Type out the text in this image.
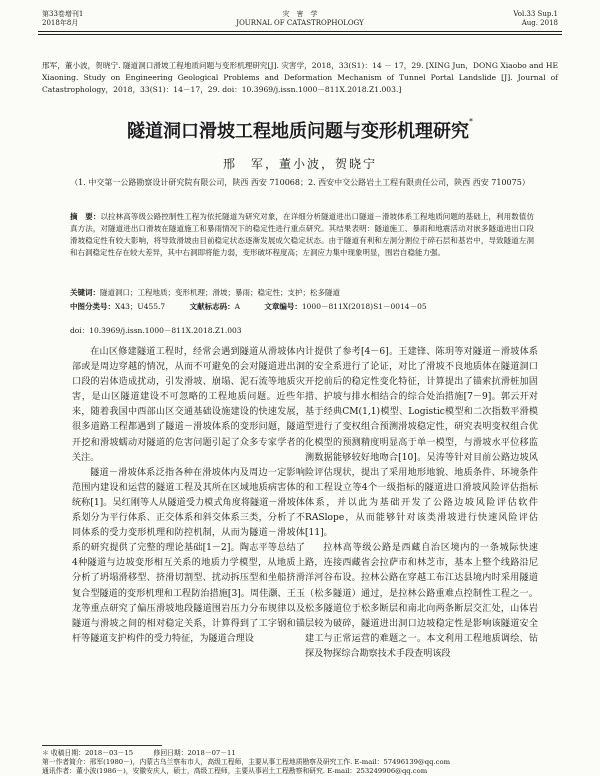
第33卷增刊1
2018年8月
灾　害　学
JOURNAL OF CATASTROPHOLOGY
Vol.33 Sup.1
Aug. 2018
邢军，董小波，贺晓宁. 隧道洞口滑坡工程地质问题与变形机理研究[J]. 灾害学，2018，33(S1)：14 － 17，29. [XING Jun，DONG Xiaobo and HE Xiaoning. Study on Engineering Geological Problems and Deformation Mechanism of Tunnel Portal Landslide [J]. Journal of Catastrophology，2018，33(S1)：14－17，29. doi：10.3969/j.issn.1000－811X.2018.Z1.003.]
隧道洞口滑坡工程地质问题与变形机理研究*
邢　军，董小波，贺晓宁
（1. 中交第一公路勘察设计研究院有限公司，陕西 西安 710068；2. 西安中交公路岩土工程有限责任公司，陕西 西安 710075）
摘　要：以拉林高等级公路控制性工程为依托隧道为研究对象，在详细分析隧道进出口隧道－滑坡体系工程地质问题的基础上，利用数值仿真方法，对隧道进出口滑坡在隧道施工和暴雨情况下的稳定性进行重点研究。其结果表明：隧道施工、暴雨和地震活动对嵌多隧道进出口段滑坡稳定性有较大影响，将导致滑坡由目前稳定状态逐渐发展成欠稳定状态。由于隧道有利和左洞分割位于碎石层和基岩中，导致隧道左洞和右洞稳定性存在较大差异，其中右洞即将能力弱，变形破坏程度高；左洞应力集中现象明显，围岩自稳能力强。
关键词：隧道洞口；工程地质；变形机理；滑坡；暴雨；稳定性；支护；松多隧道
中图分类号：X43；U455.7	文献标志码：A	文章编号：1000－811X(2018)S1－0014－05
doi：10.3969/j.issn.1000－811X.2018.Z1.003

在山区修建隧道工程时，经常会遇到隧道从滑坡体内部或是周边穿越的情况，从而不可避免的会对隧道进出洞口段的岩体造成扰动，引发滑坡、崩塌、泥石流等地质灾害，是山区隧道建设不可忽略的工程地质问题。近些年来，随着我国中西部山区交通基础设施建设的快速发展，很多道路工程都遇到了隧道－滑坡体系的变形问题，隧道开挖和滑坡蠕动对隧道的危害问题引起了众多专家学者的关注。

隧道－滑坡体系泛指各种在滑坡体内及周边一定影响范围内建设和运营的隧道工程及其所在区域地质病害体的统称[1]。吴红刚等人从隧道受力模式角度将隧道－滑坡体系划分为平行体系、正交体系和斜交体系三类，分析了不同体系的受力变形机理和防控机制，从而为隧道－滑坡体系的研究提供了完整的理论基础[1－2]。陶志平等总结了4种隧道与边坡变形相互关系的地质力学模型，从地质上分析了坍塌滑移型、挤滑切割型、扰动拆压型和坐船挤滑复合型隧道的变形机理和工程防治措施[3]。周佳灏、王玉龙等重点研究了偏压滑坡地段隧道围岩压力分布规律以及隧道与滑坡之间的相对稳定关系，计算得到了工字钢和锚杆等隧道支护构件的受力特征，为隧道合理设

计提供了参考[4－6]。王建锋、陈玥等对隧道－滑坡体系的安全系进行了论证，对比了滑坡不良地质体在隧道洞口开挖前后的稳定性变化特征，计算提出了锚索抗滑桩加固措、护坡与排水相结合的综合处治措施[7－9]。郭云开对基于经典CM(1,1)模型、Logistic模型和二次指数平滑模型进行了变权组合预测滑坡稳定性，研究表明变权组合优化模型的预测精度明显高于单一模型，与滑坡水平位移监测数据能够较好地吻合[10]。吴涛等针对目前公路边坡风险评估现状，提出了采用地形地貌、地质条件、环境条件和工程设立等4个一级指标的隧道进口滑坡风险评估指标体系，并以此为基础开发了公路边坡风险评估软件RASlope，从而能够针对该类滑坡进行快速风险评估[11]。

拉林高等级公路是西藏自治区境内的一条城际快速路，连接西藏省会拉萨市和林芝市，基本上整个线路沿尼洋河谷布设。拉林公路在穿越工布江达县境内时采用隧道（松多隧道）通过，是拉林公路重难点控制性工程之一。松多隧道位于松多断层和南北向两条断层交汇处，山体岩层较为破碎，隧道进出洞口边坡稳定性是影响该隧道安全建工与正常运营的难题之一。本文利用工程地质调绘、钻探及物探综合勘察技术手段查明该段

＊ 收稿日期：2018－03－15　　　修回日期：2018－07－11
第一作者简介：邢军(1980－)，内蒙古乌兰察布市人，高级工程师，主要从事工程地质勘察及研究工作. E-mail：57496139@qq.com
通讯作者：董小波(1986－)，安徽安庆人，硕士，高级工程师，主要从事岩土工程勘察和研究. E-mail：253249906@qq.com
